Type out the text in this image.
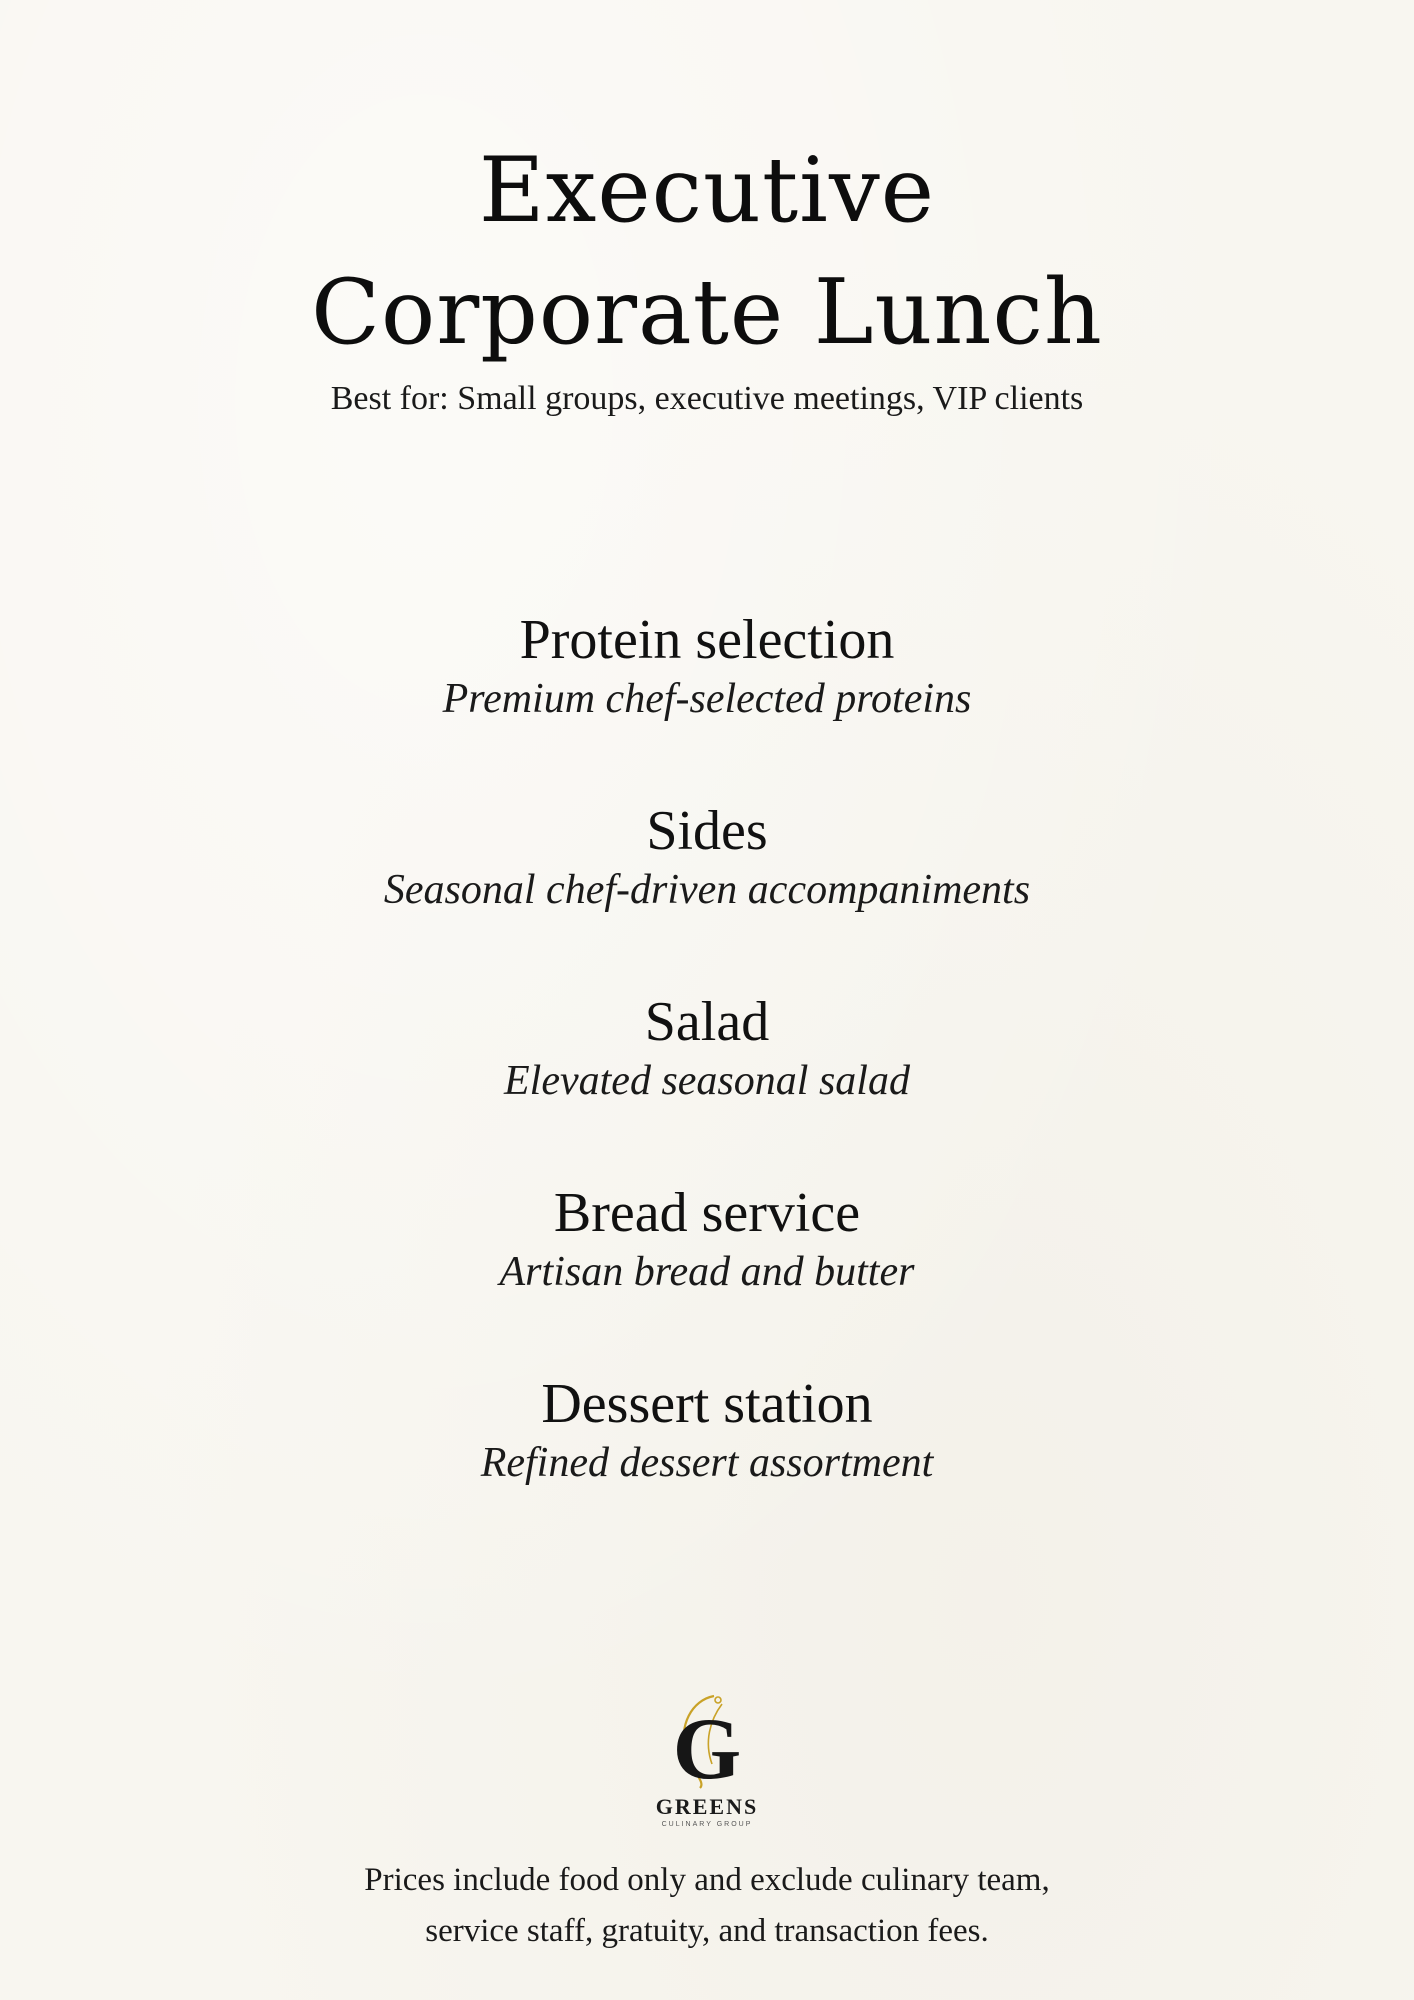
Executive Corporate Lunch
Best for: Small groups, executive meetings, VIP clients
Protein selection
Premium chef-selected proteins
Sides
Seasonal chef-driven accompaniments
Salad
Elevated seasonal salad
Bread service
Artisan bread and butter
Dessert station
Refined dessert assortment
G
GREENS
CULINARY GROUP
Prices include food only and exclude culinary team,
service staff, gratuity, and transaction fees.
